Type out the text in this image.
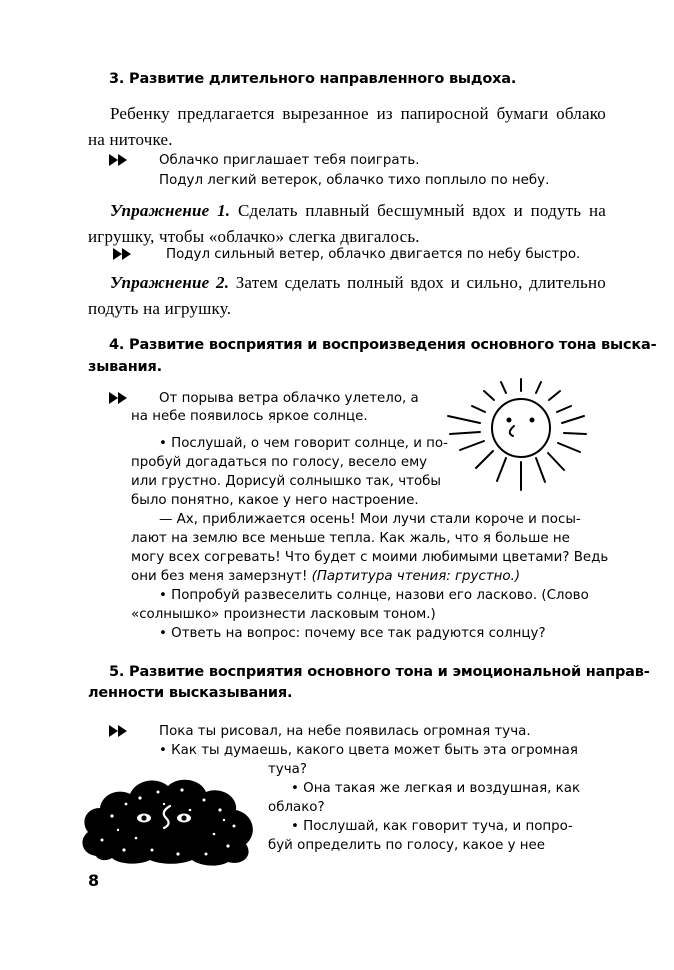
3. Развитие длительного направленного выдоха.
Ребенку предлагается вырезанное из папиросной бумаги облако на ниточке.
Облачко приглашает тебя поиграть.
Подул легкий ветерок, облачко тихо поплыло по небу.
Упражнение 1. Сделать плавный бесшумный вдох и подуть на игрушку, чтобы «облачко» слегка двигалось.
Подул сильный ветер, облачко двигается по небу быстро.
Упражнение 2. Затем сделать полный вдох и сильно, длительно подуть на игрушку.
4. Развитие восприятия и воспроизведения основного тона выска-
зывания.
От порыва ветра облачко улетело, а
на небе появилось яркое солнце.
• Послушай, о чем говорит солнце, и по-
пробуй догадаться по голосу, весело ему
или грустно. Дорисуй солнышко так, чтобы
было понятно, какое у него настроение.
— Ах, приближается осень! Мои лучи стали короче и посы-
лают на землю все меньше тепла. Как жаль, что я больше не
могу всех согревать! Что будет с моими любимыми цветами? Ведь
они без меня замерзнут! (Партитура чтения: грустно.)
• Попробуй развеселить солнце, назови его ласково. (Слово
«солнышко» произнести ласковым тоном.)
• Ответь на вопрос: почему все так радуются солнцу?
5. Развитие восприятия основного тона и эмоциональной направ-
ленности высказывания.
Пока ты рисовал, на небе появилась огромная туча.
• Как ты думаешь, какого цвета может быть эта огромная
туча?
• Она такая же легкая и воздушная, как
облако?
• Послушай, как говорит туча, и попро-
буй определить по голосу, какое у нее
8
